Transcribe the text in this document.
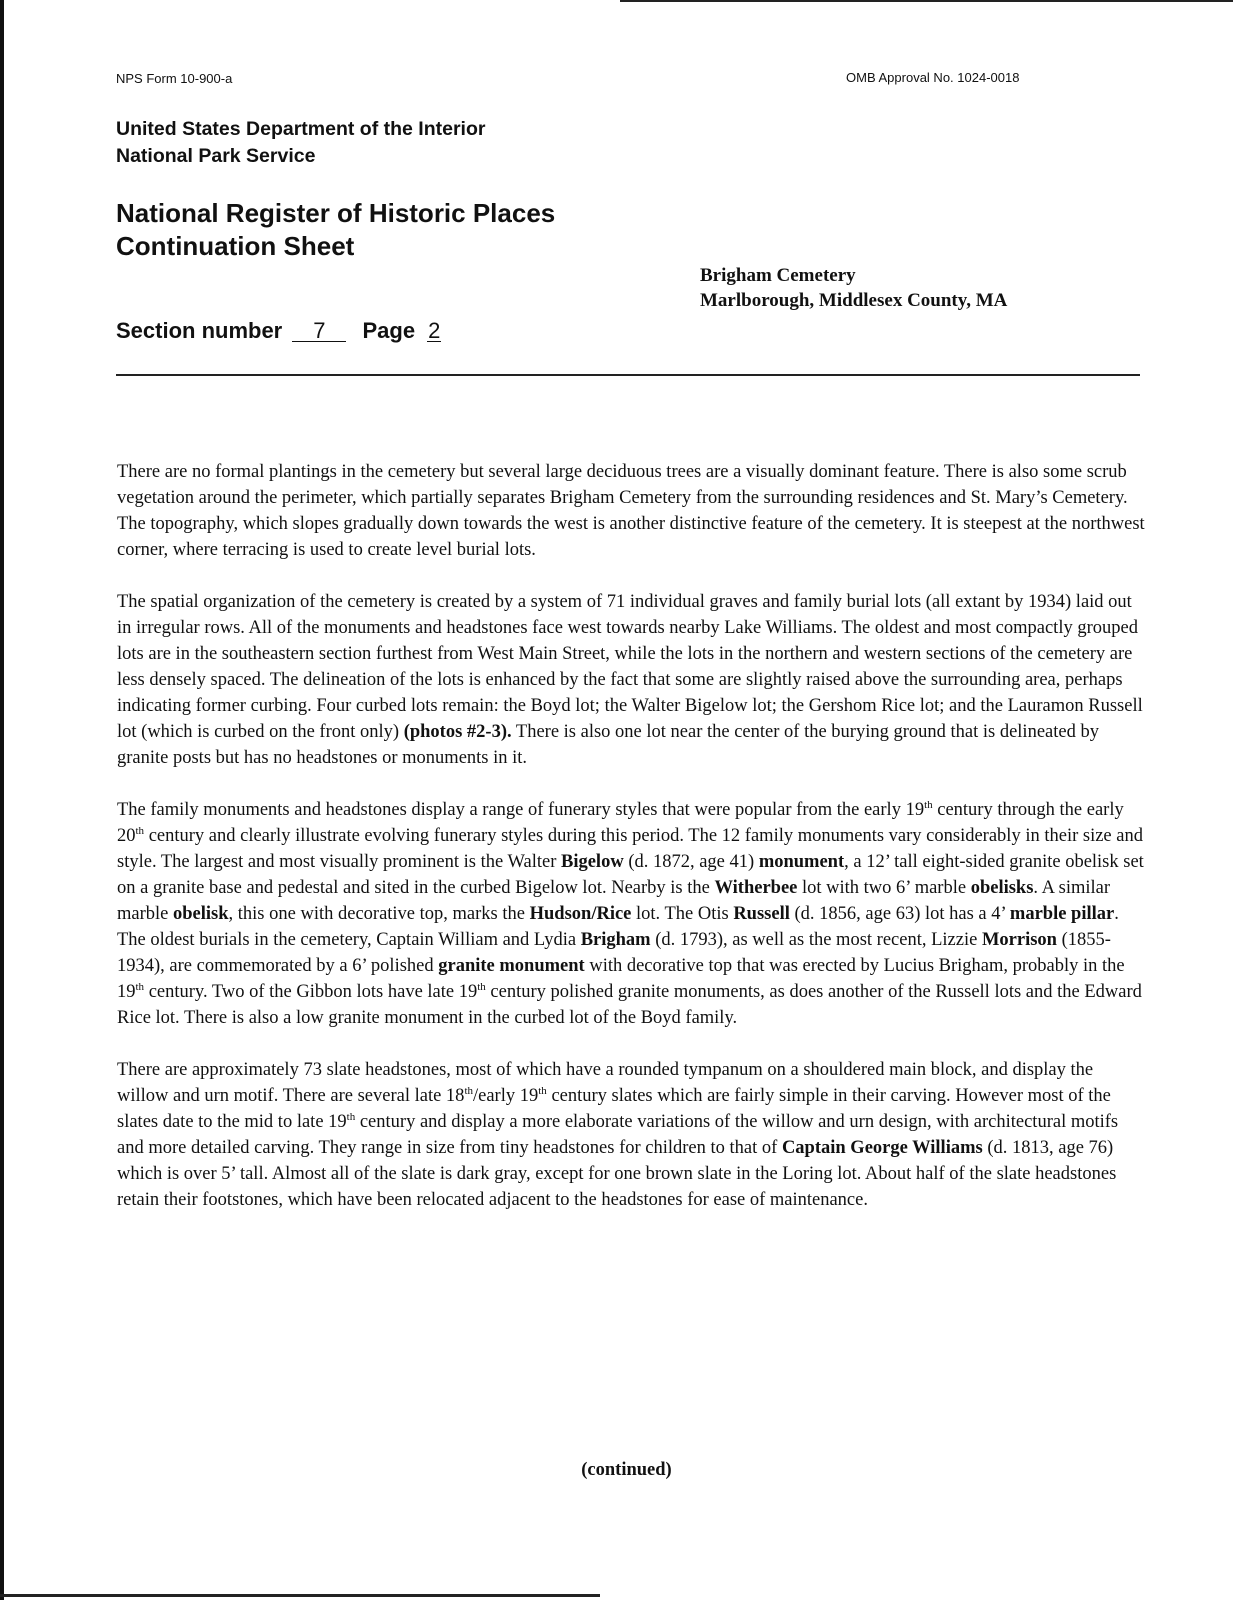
NPS Form 10-900-a	OMB Approval No. 1024-0018
United States Department of the Interior
National Park Service
National Register of Historic Places
Continuation Sheet
Brigham Cemetery
Marlborough, Middlesex County, MA
Section number 7 Page 2

There are no formal plantings in the cemetery but several large deciduous trees are a visually dominant feature. There is also some scrub vegetation around the perimeter, which partially separates Brigham Cemetery from the surrounding residences and St. Mary’s Cemetery. The topography, which slopes gradually down towards the west is another distinctive feature of the cemetery. It is steepest at the northwest corner, where terracing is used to create level burial lots.

The spatial organization of the cemetery is created by a system of 71 individual graves and family burial lots (all extant by 1934) laid out in irregular rows. All of the monuments and headstones face west towards nearby Lake Williams. The oldest and most compactly grouped lots are in the southeastern section furthest from West Main Street, while the lots in the northern and western sections of the cemetery are less densely spaced. The delineation of the lots is enhanced by the fact that some are slightly raised above the surrounding area, perhaps indicating former curbing. Four curbed lots remain: the Boyd lot; the Walter Bigelow lot; the Gershom Rice lot; and the Lauramon Russell lot (which is curbed on the front only) (photos #2-3). There is also one lot near the center of the burying ground that is delineated by granite posts but has no headstones or monuments in it.

The family monuments and headstones display a range of funerary styles that were popular from the early 19th century through the early 20th century and clearly illustrate evolving funerary styles during this period. The 12 family monuments vary considerably in their size and style. The largest and most visually prominent is the Walter Bigelow (d. 1872, age 41) monument, a 12’ tall eight-sided granite obelisk set on a granite base and pedestal and sited in the curbed Bigelow lot. Nearby is the Witherbee lot with two 6’ marble obelisks. A similar marble obelisk, this one with decorative top, marks the Hudson/Rice lot. The Otis Russell (d. 1856, age 63) lot has a 4’ marble pillar. The oldest burials in the cemetery, Captain William and Lydia Brigham (d. 1793), as well as the most recent, Lizzie Morrison (1855-1934), are commemorated by a 6’ polished granite monument with decorative top that was erected by Lucius Brigham, probably in the 19th century. Two of the Gibbon lots have late 19th century polished granite monuments, as does another of the Russell lots and the Edward Rice lot. There is also a low granite monument in the curbed lot of the Boyd family.

There are approximately 73 slate headstones, most of which have a rounded tympanum on a shouldered main block, and display the willow and urn motif. There are several late 18th/early 19th century slates which are fairly simple in their carving. However most of the slates date to the mid to late 19th century and display a more elaborate variations of the willow and urn design, with architectural motifs and more detailed carving. They range in size from tiny headstones for children to that of Captain George Williams (d. 1813, age 76) which is over 5’ tall. Almost all of the slate is dark gray, except for one brown slate in the Loring lot. About half of the slate headstones retain their footstones, which have been relocated adjacent to the headstones for ease of maintenance.

(continued)
